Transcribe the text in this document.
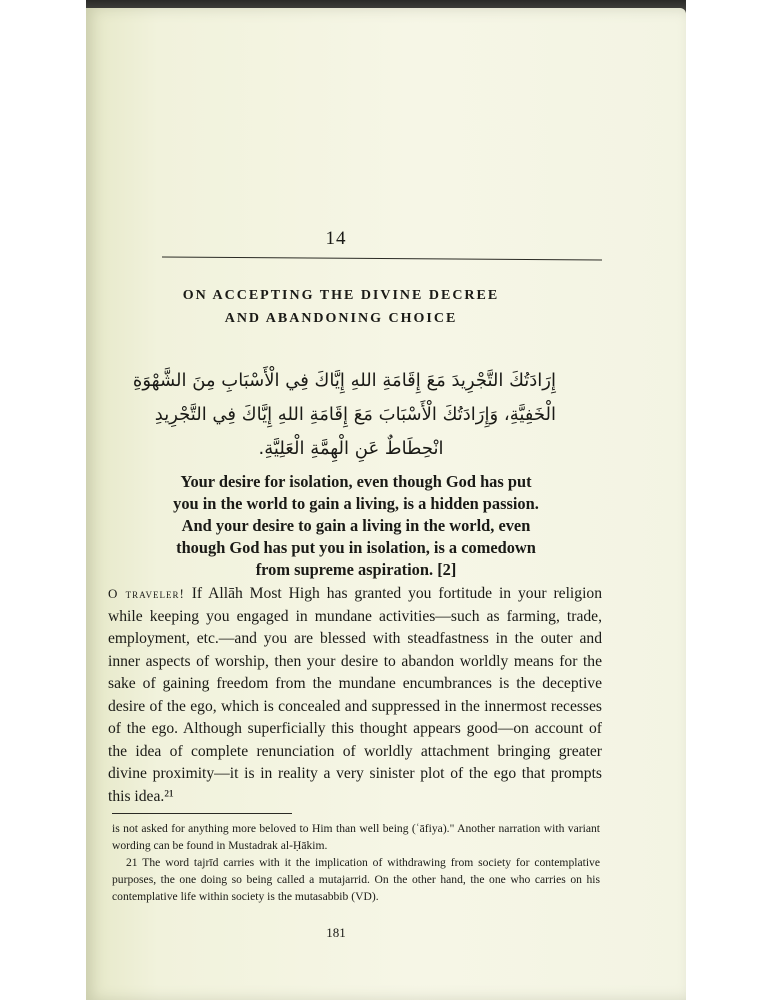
14
ON ACCEPTING THE DIVINE DECREE
AND ABANDONING CHOICE
إِرَادَتُكَ التَّجْرِيدَ مَعَ إِقَامَةِ اللهِ إِيَّاكَ فِي الْأَسْبَابِ مِنَ الشَّهْوَةِ
الْخَفِيَّةِ، وَإِرَادَتُكَ الْأَسْبَابَ مَعَ إِقَامَةِ اللهِ إِيَّاكَ فِي التَّجْرِيدِ
انْحِطَاطٌ عَنِ الْهِمَّةِ الْعَلِيَّةِ.
Your desire for isolation, even though God has put
you in the world to gain a living, is a hidden passion.
And your desire to gain a living in the world, even
though God has put you in isolation, is a comedown
from supreme aspiration. [2]
O traveler! If Allāh Most High has granted you fortitude in your religion while keeping you engaged in mundane activities—such as farming, trade, employment, etc.—and you are blessed with steadfastness in the outer and inner aspects of worship, then your desire to abandon worldly means for the sake of gaining freedom from the mundane encumbrances is the deceptive desire of the ego, which is concealed and suppressed in the innermost recesses of the ego. Although superficially this thought appears good—on account of the idea of complete renunciation of worldly attachment bringing greater divine proximity—it is in reality a very sinister plot of the ego that prompts this idea.²¹

is not asked for anything more beloved to Him than well being (ʿāfiya)." Another narration with variant wording can be found in Mustadrak al-Ḥākim.

21 The word tajrīd carries with it the implication of withdrawing from society for contemplative purposes, the one doing so being called a mutajarrid. On the other hand, the one who carries on his contemplative life within society is the mutasabbib (VD).

181
